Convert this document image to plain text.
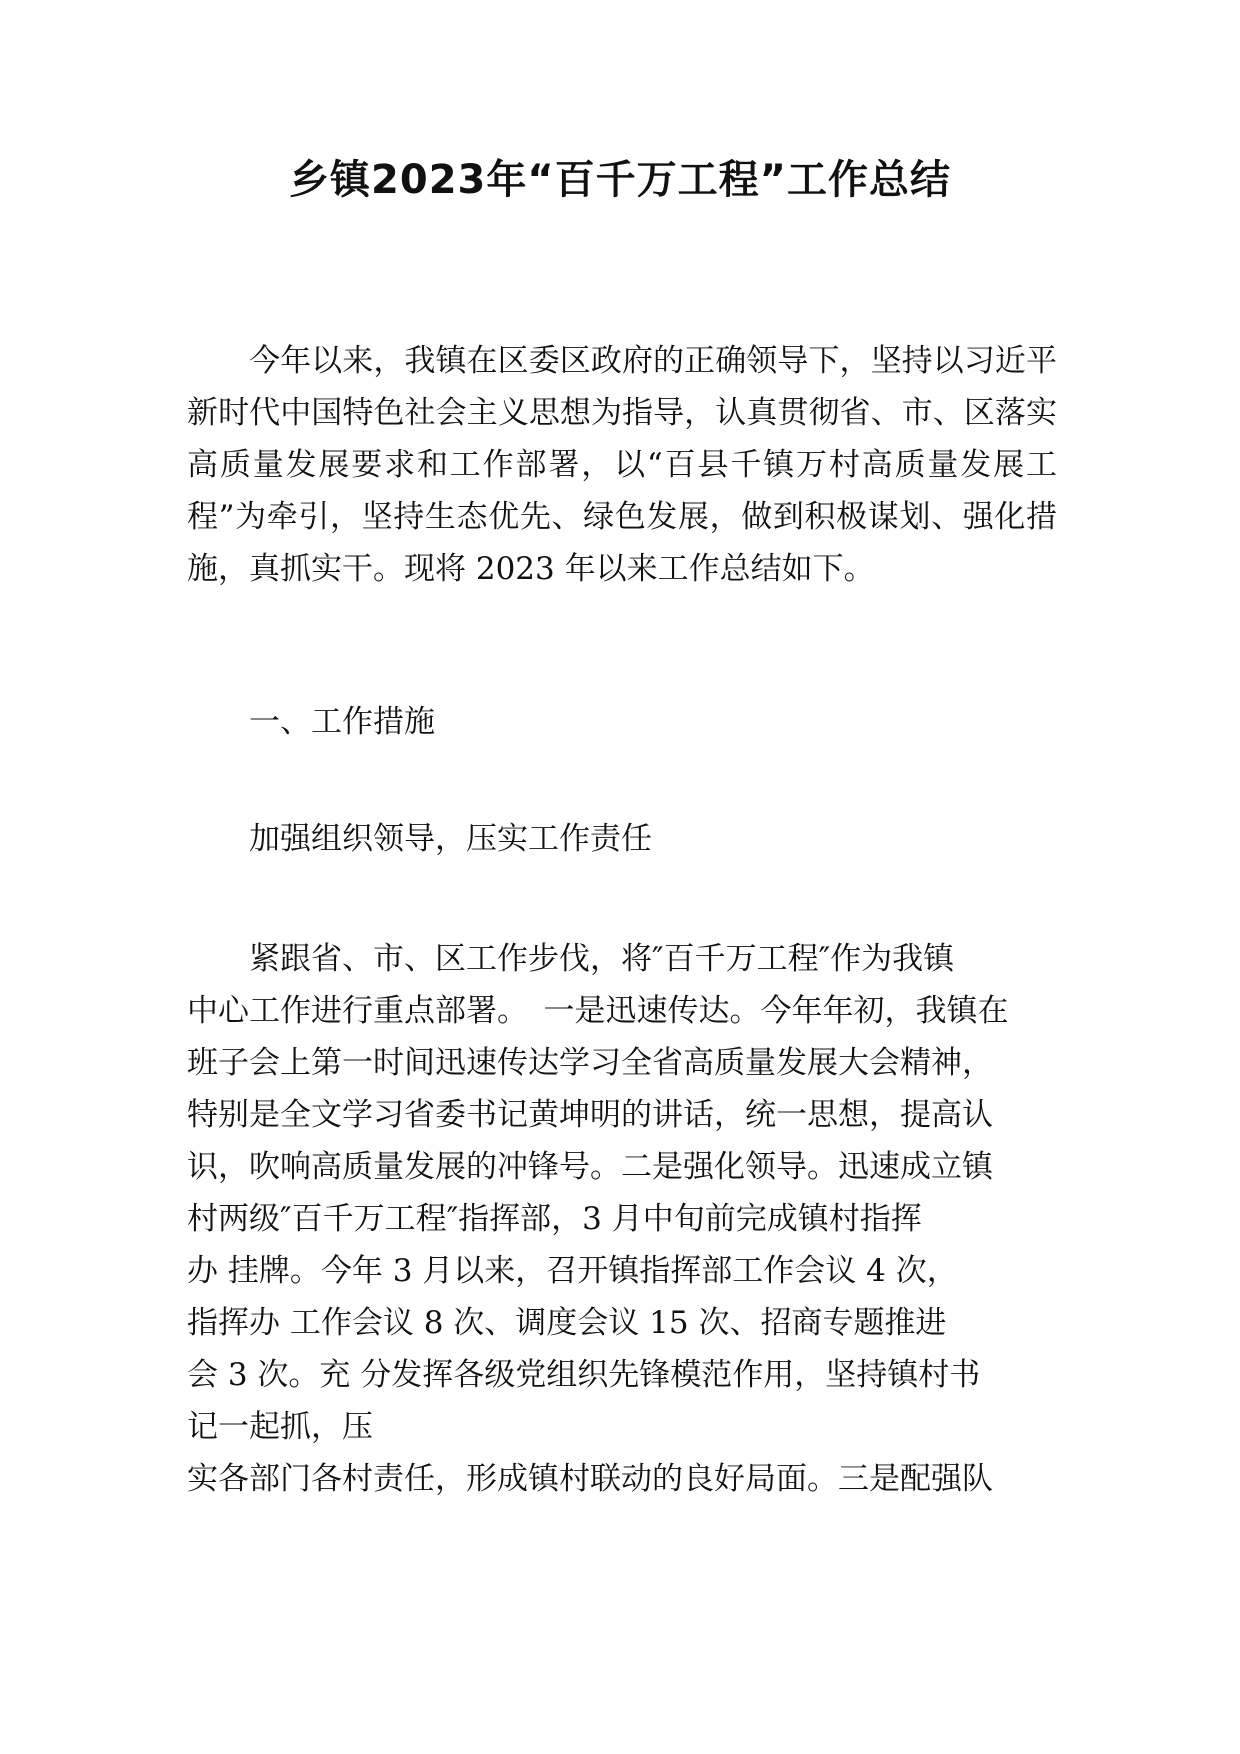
乡镇2023年“百千万工程”工作总结

今年以来，我镇在区委区政府的正确领导下，坚持以习近平新时代中国特色社会主义思想为指导，认真贯彻省、市、区落实高质量发展要求和工作部署，以“百县千镇万村高质量发展工程”为牵引，坚持生态优先、绿色发展，做到积极谋划、强化措施，真抓实干。现将 2023 年以来工作总结如下。

一、工作措施

加强组织领导，压实工作责任

紧跟省、市、区工作步伐，将″百千万工程″作为我镇
中心工作进行重点部署。　一是迅速传达。今年年初，我镇在
班子会上第一时间迅速传达学习全省高质量发展大会精神，
特别是全文学习省委书记黄坤明的讲话，统一思想，提高认
识，吹响高质量发展的冲锋号。二是强化领导。迅速成立镇
村两级″百千万工程″指挥部，3 月中旬前完成镇村指挥
办 挂牌。今年 3 月以来，召开镇指挥部工作会议 4 次，
指挥办 工作会议 8 次、调度会议 15 次、招商专题推进
会 3 次。充 分发挥各级党组织先锋模范作用，坚持镇村书
记一起抓，压
实各部门各村责任，形成镇村联动的良好局面。三是配强队
